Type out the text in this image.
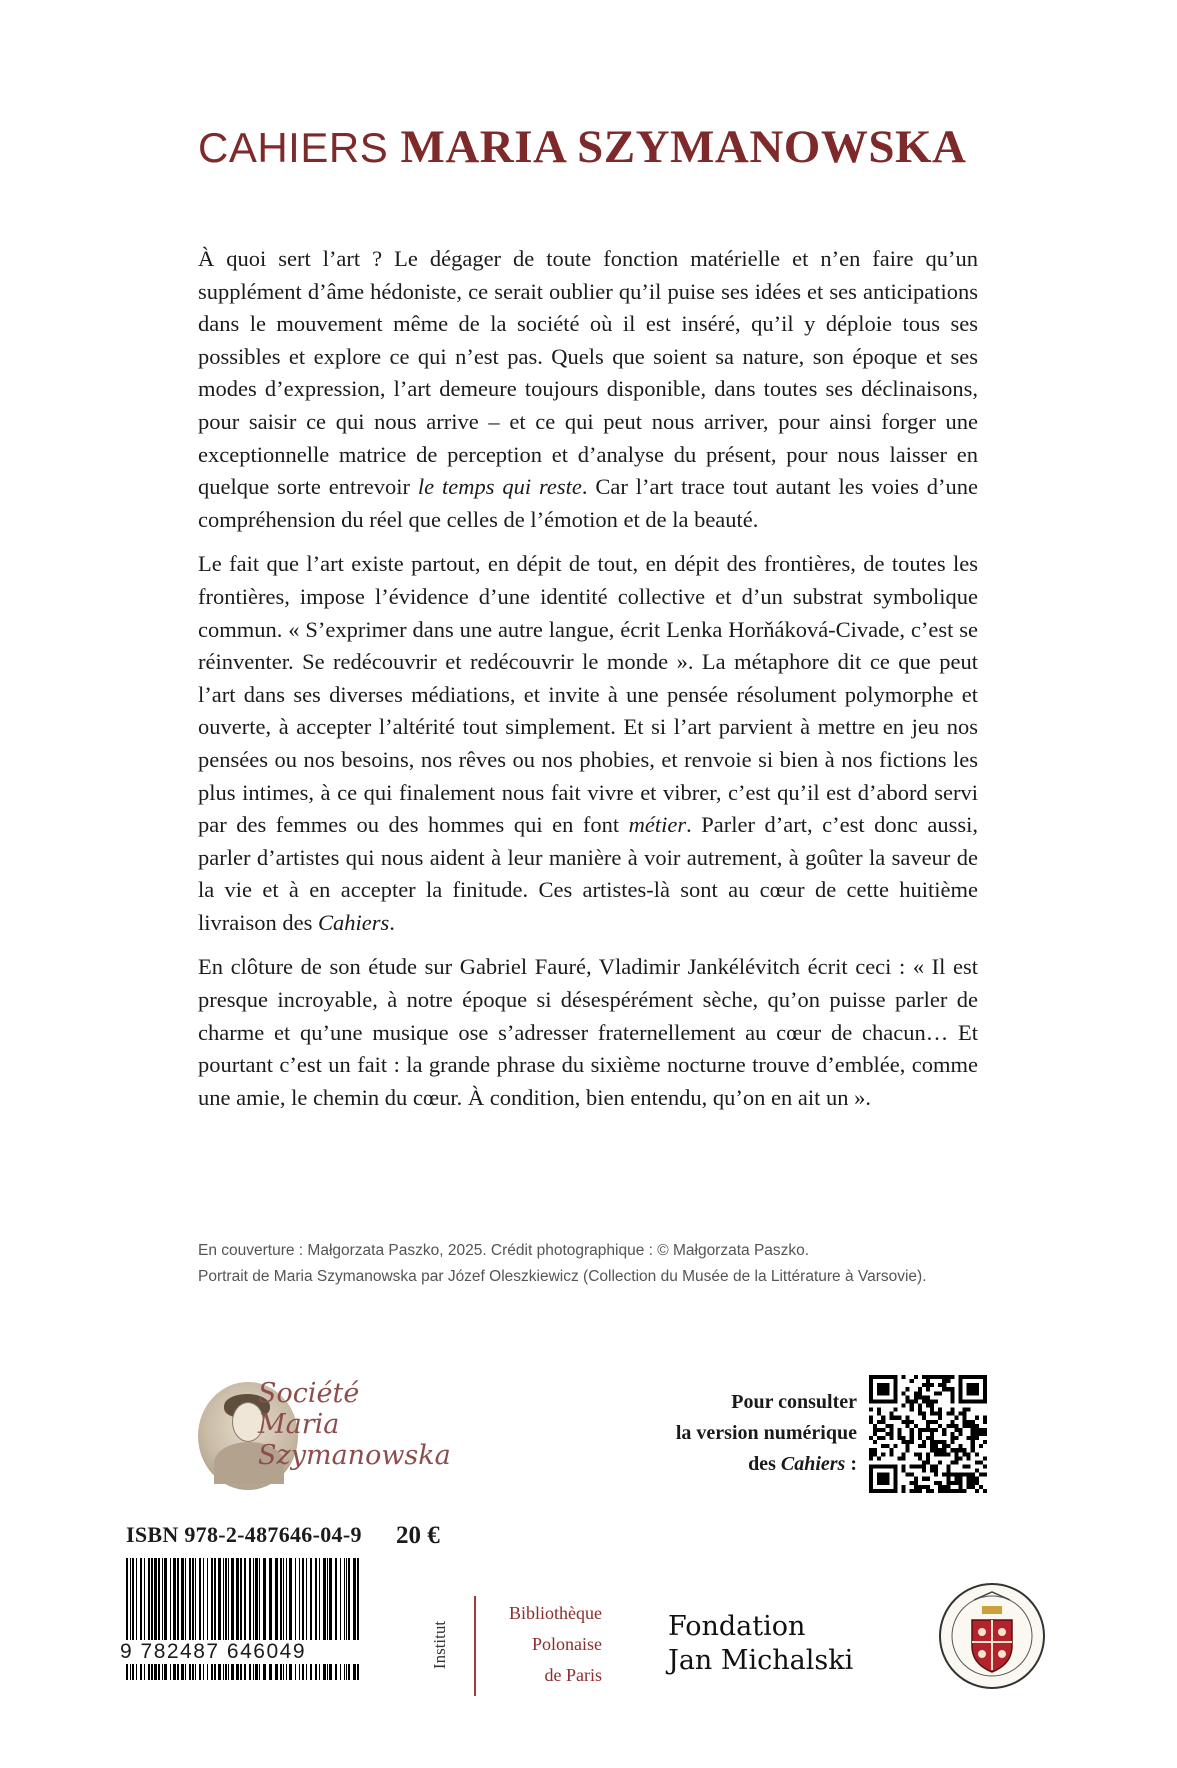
CAHIERS MARIA SZYMANOWSKA

À quoi sert l’art ? Le dégager de toute fonction matérielle et n’en faire qu’un supplément d’âme hédoniste, ce serait oublier qu’il puise ses idées et ses anticipations dans le mouvement même de la société où il est inséré, qu’il y déploie tous ses possibles et explore ce qui n’est pas. Quels que soient sa nature, son époque et ses modes d’expression, l’art demeure toujours disponible, dans toutes ses déclinaisons, pour saisir ce qui nous arrive – et ce qui peut nous arriver, pour ainsi forger une exceptionnelle matrice de perception et d’analyse du présent, pour nous laisser en quelque sorte entrevoir le temps qui reste. Car l’art trace tout autant les voies d’une compréhension du réel que celles de l’émotion et de la beauté.

Le fait que l’art existe partout, en dépit de tout, en dépit des frontières, de toutes les frontières, impose l’évidence d’une identité collective et d’un substrat symbolique commun. « S’exprimer dans une autre langue, écrit Lenka Horňáková-Civade, c’est se réinventer. Se redécouvrir et redécouvrir le monde ». La métaphore dit ce que peut l’art dans ses diverses médiations, et invite à une pensée résolument polymorphe et ouverte, à accepter l’altérité tout simplement. Et si l’art parvient à mettre en jeu nos pensées ou nos besoins, nos rêves ou nos phobies, et renvoie si bien à nos fictions les plus intimes, à ce qui finalement nous fait vivre et vibrer, c’est qu’il est d’abord servi par des femmes ou des hommes qui en font métier. Parler d’art, c’est donc aussi, parler d’artistes qui nous aident à leur manière à voir autrement, à goûter la saveur de la vie et à en accepter la finitude. Ces artistes-là sont au cœur de cette huitième livraison des Cahiers.

En clôture de son étude sur Gabriel Fauré, Vladimir Jankélévitch écrit ceci : « Il est presque incroyable, à notre époque si désespérément sèche, qu’on puisse parler de charme et qu’une musique ose s’adresser fraternellement au cœur de chacun… Et pourtant c’est un fait : la grande phrase du sixième nocturne trouve d’emblée, comme une amie, le chemin du cœur. À condition, bien entendu, qu’on en ait un ».

En couverture : Małgorzata Paszko, 2025. Crédit photographique : © Małgorzata Paszko.
Portrait de Maria Szymanowska par Józef Oleszkiewicz (Collection du Musée de la Littérature à Varsovie).
Société
Maria
Szymanowska
Pour consulter
la version numérique
des Cahiers :
ISBN 978-2-487646-04-9 20 €
9 782487 646049	Institut
Bibliothèque
Polonaise
de Paris
Fondation
Jan Michalski
